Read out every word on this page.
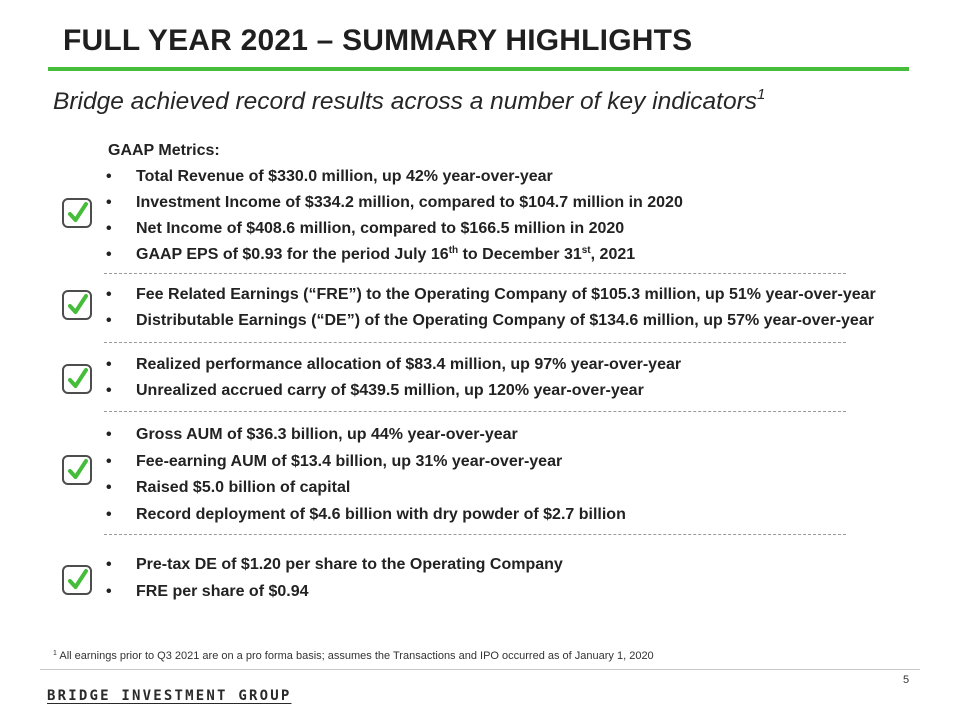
FULL YEAR 2021 – SUMMARY HIGHLIGHTS
Bridge achieved record results across a number of key indicators$^1$
GAAP Metrics:
• Total Revenue of $330.0 million, up 42% year-over-year
• Investment Income of $334.2 million, compared to $104.7 million in 2020
• Net Income of $408.6 million, compared to $166.5 million in 2020
• GAAP EPS of $0.93 for the period July 16th to December 31st, 2021
• Fee Related Earnings (“FRE”) to the Operating Company of $105.3 million, up 51% year-over-year
• Distributable Earnings (“DE”) of the Operating Company of $134.6 million, up 57% year-over-year
• Realized performance allocation of $83.4 million, up 97% year-over-year
• Unrealized accrued carry of $439.5 million, up 120% year-over-year
• Gross AUM of $36.3 billion, up 44% year-over-year
• Fee-earning AUM of $13.4 billion, up 31% year-over-year
• Raised $5.0 billion of capital
• Record deployment of $4.6 billion with dry powder of $2.7 billion
• Pre-tax DE of $1.20 per share to the Operating Company
• FRE per share of $0.94
$^1$ All earnings prior to Q3 2021 are on a pro forma basis; assumes the Transactions and IPO occurred as of January 1, 2020
5
BRIDGE INVESTMENT GROUP
